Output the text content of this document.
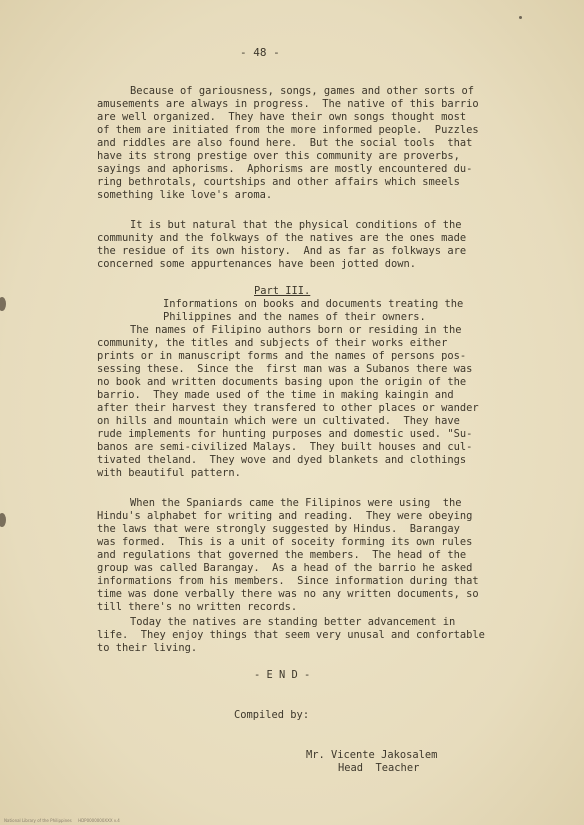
- 48 -
Because of gariousness, songs, games and other sorts of
amusements are always in progress.  The native of this barrio
are well organized.  They have their own songs thought most
of them are initiated from the more informed people.  Puzzles
and riddles are also found here.  But the social tools  that
have its strong prestige over this community are proverbs,
sayings and aphorisms.  Aphorisms are mostly encountered du-
ring bethrotals, courtships and other affairs which smeels
something like love's aroma.
It is but natural that the physical conditions of the
community and the folkways of the natives are the ones made
the residue of its own history.  And as far as folkways are
concerned some appurtenances have been jotted down.
Part III.
Informations on books and documents treating the
Philippines and the names of their owners.
The names of Filipino authors born or residing in the
community, the titles and subjects of their works either
prints or in manuscript forms and the names of persons pos-
sessing these.  Since the  first man was a Subanos there was
no book and written documents basing upon the origin of the
barrio.  They made used of the time in making kaingin and
after their harvest they transfered to other places or wander
on hills and mountain which were un cultivated.  They have
rude implements for hunting purposes and domestic used. "Su-
banos are semi-civilized Malays.  They built houses and cul-
tivated theland.  They wove and dyed blankets and clothings
with beautiful pattern.
When the Spaniards came the Filipinos were using  the
Hindu's alphabet for writing and reading.  They were obeying
the laws that were strongly suggested by Hindus.  Barangay
was formed.  This is a unit of soceity forming its own rules
and regulations that governed the members.  The head of the
group was called Barangay.  As a head of the barrio he asked
informations from his members.  Since information during that
time was done verbally there was no any written documents, so
till there's no written records.
Today the natives are standing better advancement in
life.  They enjoy things that seem very unusal and confortable
to their living.
- E N D -
Compiled by:
Mr. Vicente Jakosalem
Head  Teacher
National Library of the Philippines     HDP0000000XXX v.4
